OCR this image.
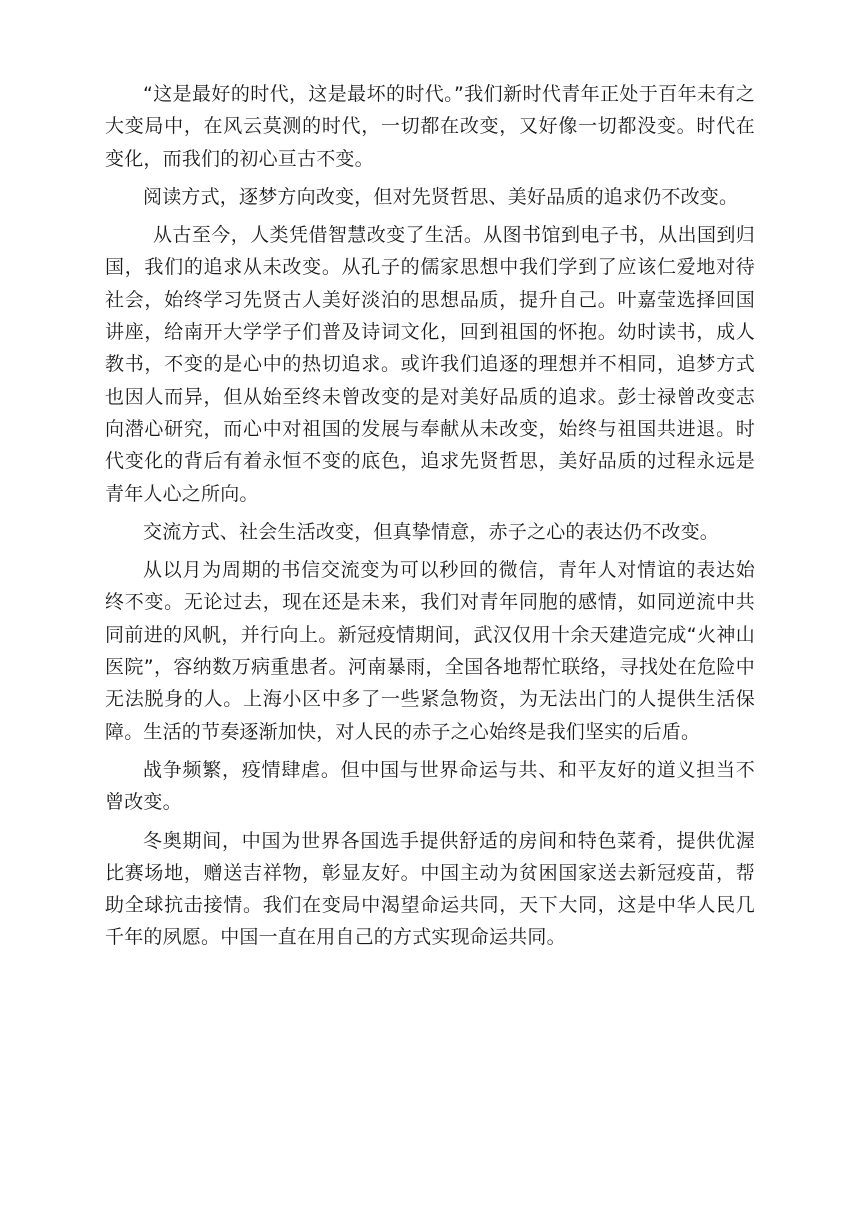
“这是最好的时代，这是最坏的时代。”我们新时代青年正处于百年未有之大变局中，在风云莫测的时代，一切都在改变，又好像一切都没变。时代在变化，而我们的初心亘古不变。

阅读方式，逐梦方向改变，但对先贤哲思、美好品质的追求仍不改变。

从古至今，人类凭借智慧改变了生活。从图书馆到电子书，从出国到归国，我们的追求从未改变。从孔子的儒家思想中我们学到了应该仁爱地对待社会，始终学习先贤古人美好淡泊的思想品质，提升自己。叶嘉莹选择回国讲座，给南开大学学子们普及诗词文化，回到祖国的怀抱。幼时读书，成人教书，不变的是心中的热切追求。或许我们追逐的理想并不相同，追梦方式也因人而异，但从始至终未曾改变的是对美好品质的追求。彭士禄曾改变志向潜心研究，而心中对祖国的发展与奉献从未改变，始终与祖国共进退。时代变化的背后有着永恒不变的底色，追求先贤哲思，美好品质的过程永远是青年人心之所向。

交流方式、社会生活改变，但真挚情意，赤子之心的表达仍不改变。

从以月为周期的书信交流变为可以秒回的微信，青年人对情谊的表达始终不变。无论过去，现在还是未来，我们对青年同胞的感情，如同逆流中共同前进的风帆，并行向上。新冠疫情期间，武汉仅用十余天建造完成“火神山医院”，容纳数万病重患者。河南暴雨，全国各地帮忙联络，寻找处在危险中无法脱身的人。上海小区中多了一些紧急物资，为无法出门的人提供生活保障。生活的节奏逐渐加快，对人民的赤子之心始终是我们坚实的后盾。

战争频繁，疫情肆虐。但中国与世界命运与共、和平友好的道义担当不曾改变。

冬奥期间，中国为世界各国选手提供舒适的房间和特色菜肴，提供优渥比赛场地，赠送吉祥物，彰显友好。中国主动为贫困国家送去新冠疫苗，帮助全球抗击接情。我们在变局中渴望命运共同，天下大同，这是中华人民几千年的夙愿。中国一直在用自己的方式实现命运共同。
